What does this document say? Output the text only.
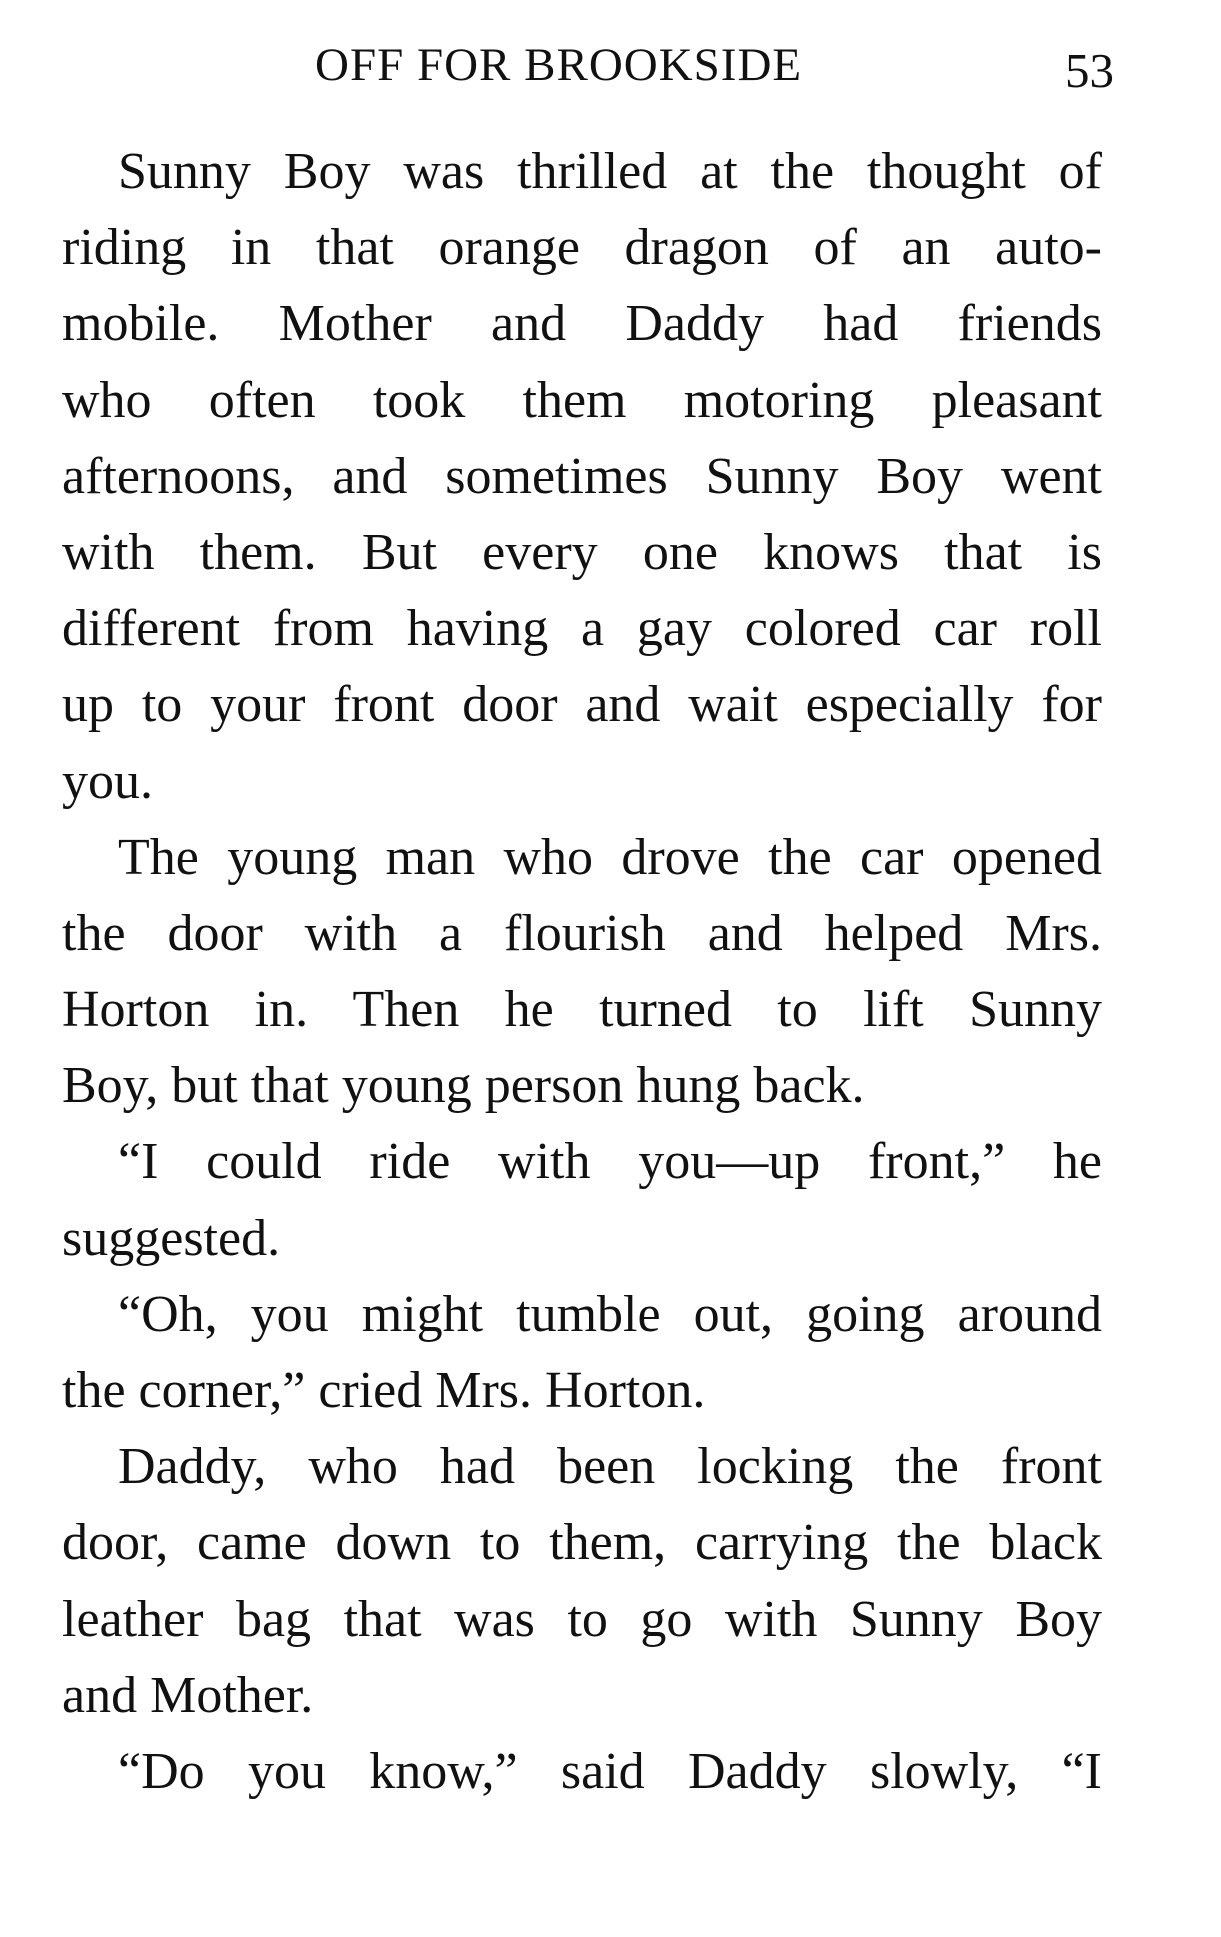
OFF FOR BROOKSIDE	53
Sunny Boy was thrilled at the thought of
riding in that orange dragon of an auto-
mobile. Mother and Daddy had friends
who often took them motoring pleasant
afternoons, and sometimes Sunny Boy went
with them. But every one knows that is
different from having a gay colored car roll
up to your front door and wait especially for
you.
The young man who drove the car opened
the door with a flourish and helped Mrs.
Horton in. Then he turned to lift Sunny
Boy, but that young person hung back.
“I could ride with you—up front,” he
suggested.
“Oh, you might tumble out, going around
the corner,” cried Mrs. Horton.
Daddy, who had been locking the front
door, came down to them, carrying the black
leather bag that was to go with Sunny Boy
and Mother.
“Do you know,” said Daddy slowly, “I
